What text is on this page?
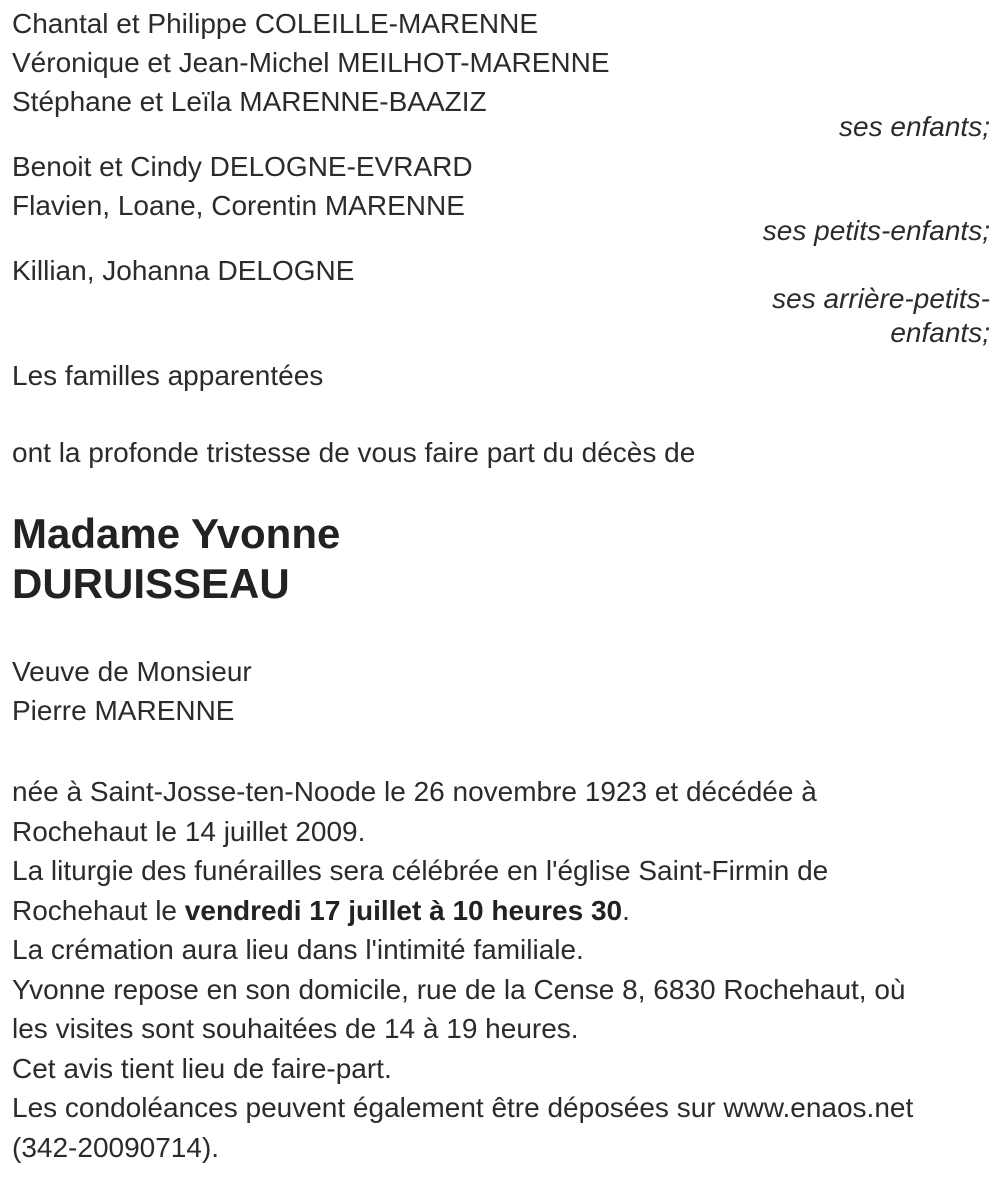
Chantal et Philippe COLEILLE-MARENNE
Véronique et Jean-Michel MEILHOT-MARENNE
Stéphane et Leïla MARENNE-BAAZIZ
ses enfants;
Benoit et Cindy DELOGNE-EVRARD
Flavien, Loane, Corentin MARENNE
ses petits-enfants;
Killian, Johanna DELOGNE
ses arrière-petits-
enfants;
Les familles apparentées
ont la profonde tristesse de vous faire part du décès de
Madame Yvonne
DURUISSEAU
Veuve de Monsieur
Pierre MARENNE
née à Saint-Josse-ten-Noode le 26 novembre 1923 et décédée à
Rochehaut le 14 juillet 2009.
La liturgie des funérailles sera célébrée en l'église Saint-Firmin de
Rochehaut le vendredi 17 juillet à 10 heures 30.
La crémation aura lieu dans l'intimité familiale.
Yvonne repose en son domicile, rue de la Cense 8, 6830 Rochehaut, où
les visites sont souhaitées de 14 à 19 heures.
Cet avis tient lieu de faire-part.
Les condoléances peuvent également être déposées sur www.enaos.net
(342-20090714).
